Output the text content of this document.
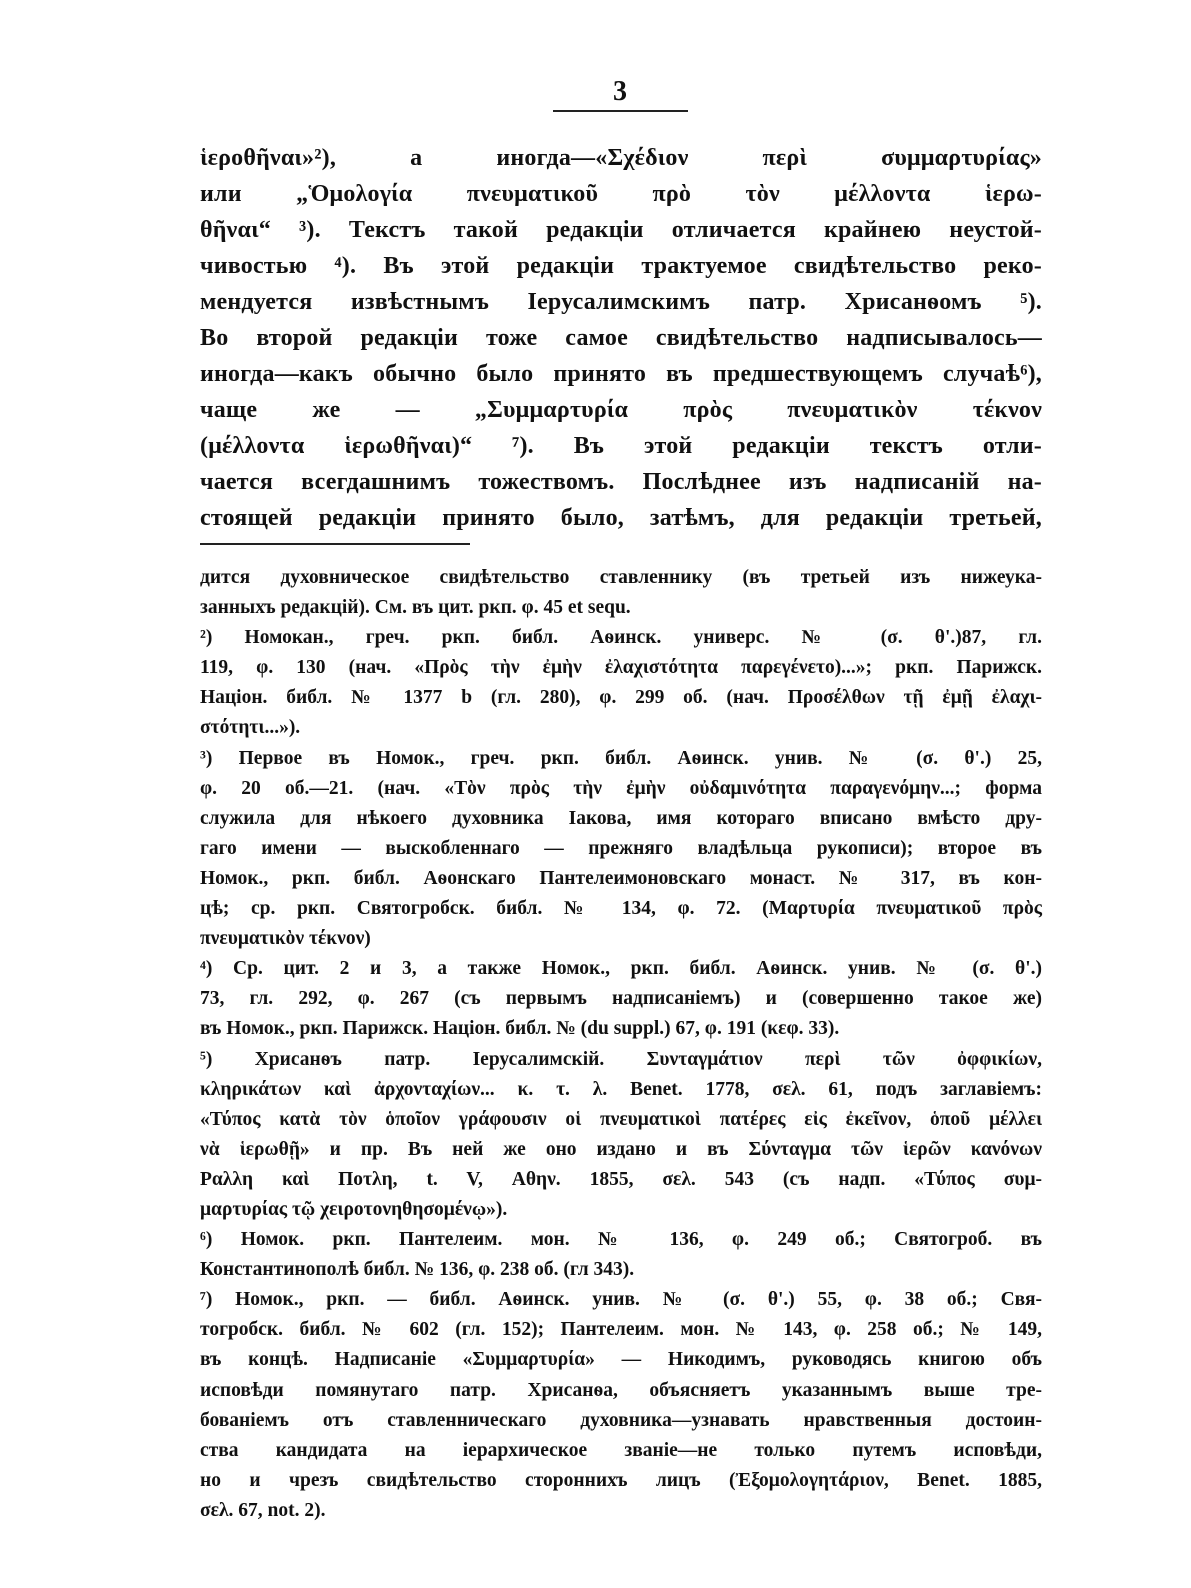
3
ἱεροθῆναι»²), а иногда—«Σχέδιον περὶ συμμαρτυρίας»
или „Ὁμολογία πνευματικοῦ πρὸ τὸν μέλλοντα ἱερω-
θῆναι“ ³). Текстъ такой редакціи отличается крайнею неустой-
чивостью ⁴). Въ этой редакціи трактуемое свидѣтельство реко-
мендуется извѣстнымъ Іерусалимскимъ патр. Хрисанѳомъ ⁵).
Во второй редакціи тоже самое свидѣтельство надписывалось—
иногда—какъ обычно было принято въ предшествующемъ случаѣ⁶),
чаще же — „Συμμαρτυρία πρὸς πνευματικὸν τέκνον
(μέλλοντα ἱερωθῆναι)“ ⁷). Въ этой редакціи текстъ отли-
чается всегдашнимъ тожествомъ. Послѣднее изъ надписаній на-
стоящей редакціи принято было, затѣмъ, для редакціи третьей,
дится духовническое свидѣтельство ставленнику (въ третьей изъ нижеука-
занныхъ редакцій). См. въ цит. ркп. φ. 45 et sequ.
²) Номокан., греч. ркп. библ. Аѳинск. универс. № (σ. θ'.)87, гл.
119, φ. 130 (нач. «Πρὸς τὴν ἐμὴν ἐλαχιστότητα παρεγένετο)...»; ркп. Парижск.
Націон. библ. № 1377 b (гл. 280), φ. 299 об. (нач. Προσέλθων τῇ ἐμῇ ἐλαχι-
στότητι...»).
³) Первое въ Номок., греч. ркп. библ. Аѳинск. унив. № (σ. θ'.) 25,
φ. 20 об.—21. (нач. «Τὸν πρὸς τὴν ἐμὴν οὐδαμινότητα παραγενόμην...; форма
служила для нѣкоего духовника Іакова, имя котораго вписано вмѣсто дру-
гаго имени — выскобленнаго — прежняго владѣльца рукописи); второе въ
Номок., ркп. библ. Аѳонскаго Пантелеимоновскаго монаст. № 317, въ кон-
цѣ; ср. ркп. Святогробск. библ. № 134, φ. 72. (Μαρτυρία πνευματικοῦ πρὸς
πνευματικὸν τέκνον)
⁴) Ср. цит. 2 и 3, а также Номок., ркп. библ. Аѳинск. унив. № (σ. θ'.)
73, гл. 292, φ. 267 (съ первымъ надписаніемъ) и (совершенно такое же)
въ Номок., ркп. Парижск. Націон. библ. № (du suppl.) 67, φ. 191 (κεφ. 33).
⁵) Хрисанѳъ патр. Іерусалимскій. Συνταγμάτιον περὶ τῶν ὀφφικίων,
κληρικάτων καὶ ἀρχονταχίων... κ. τ. λ. Benet. 1778, σελ. 61, подъ заглавіемъ:
«Τύπος κατὰ τὸν ὁποῖον γράφουσιν οἱ πνευματικοὶ πατέρες εἰς ἐκεῖνον, ὁποῦ μέλλει
νὰ ἱερωθῇ» и пр. Въ ней же оно издано и въ Σύνταγμα τῶν ἱερῶν κανόνων
Ραλλη καὶ Ποτλη, t. V, Αθην. 1855, σελ. 543 (съ надп. «Τύπος συμ-
μαρτυρίας τῷ χειροτονηθησομένῳ»).
⁶) Номок. ркп. Пантелеим. мон. № 136, φ. 249 об.; Святогроб. въ
Константинополѣ библ. № 136, φ. 238 об. (гл 343).
⁷) Номок., ркп. — библ. Аѳинск. унив. № (σ. θ'.) 55, φ. 38 об.; Свя-
тогробск. библ. № 602 (гл. 152); Пантелеим. мон. № 143, φ. 258 об.; № 149,
въ концѣ. Надписаніе «Συμμαρτυρία» — Никодимъ, руководясь книгою объ
исповѣди помянутаго патр. Хрисанѳа, объясняетъ указаннымъ выше тре-
бованіемъ отъ ставленническаго духовника—узнавать нравственныя достоин-
ства кандидата на іерархическое званіе—не только путемъ исповѣди,
но и чрезъ свидѣтельство стороннихъ лицъ (Ἐξομολογητάριον, Benet. 1885,
σελ. 67, not. 2).
